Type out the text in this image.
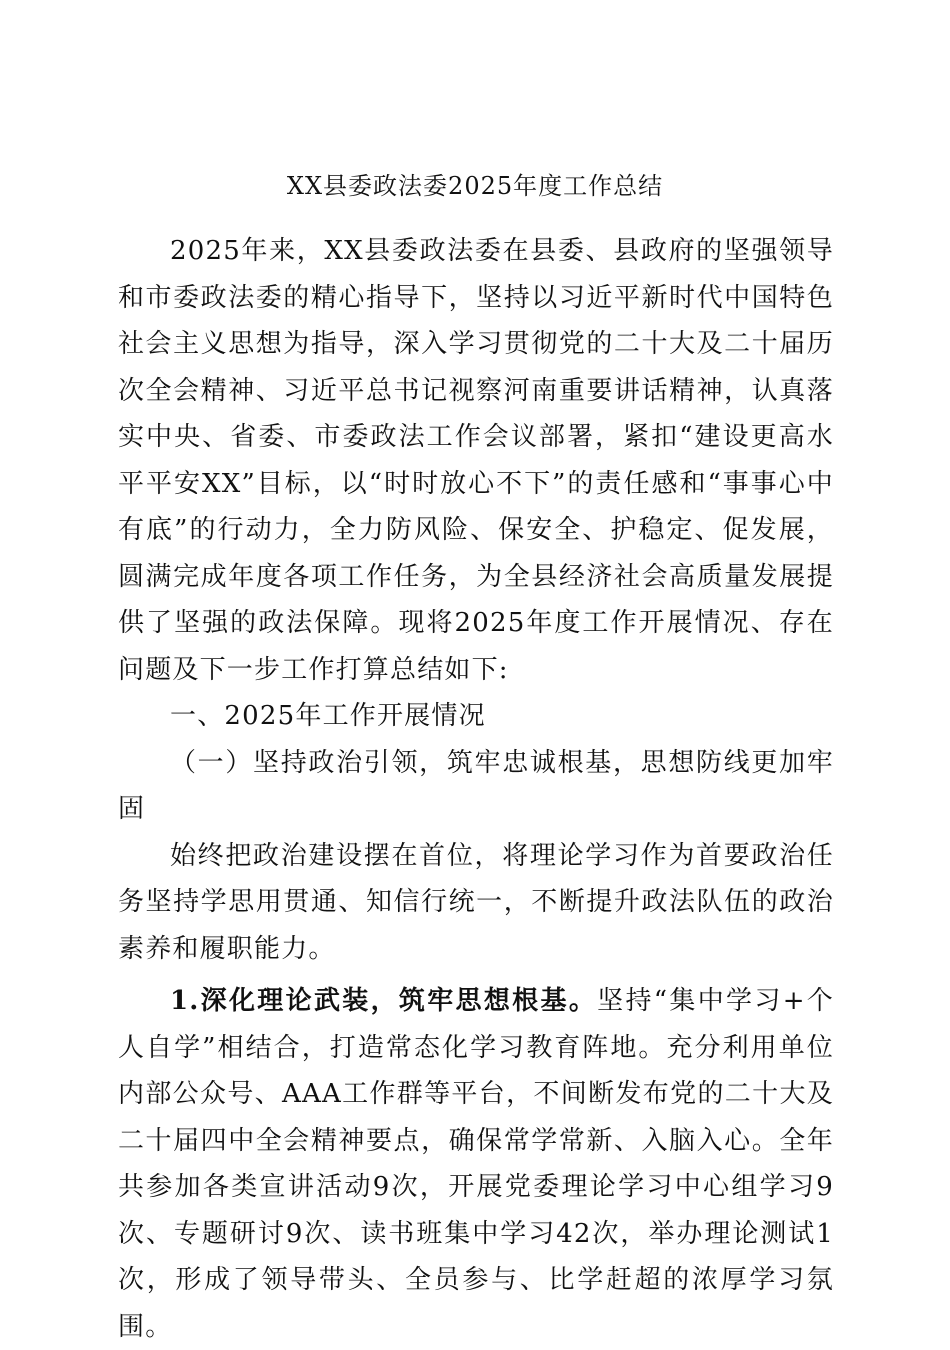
XX县委政法委2025年度工作总结

2025年来，XX县委政法委在县委、县政府的坚强领导和市委政法委的精心指导下，坚持以习近平新时代中国特色社会主义思想为指导，深入学习贯彻党的二十大及二十届历次全会精神、习近平总书记视察河南重要讲话精神，认真落实中央、省委、市委政法工作会议部署，紧扣“建设更高水平平安XX”目标，以“时时放心不下”的责任感和“事事心中有底”的行动力，全力防风险、保安全、护稳定、促发展，圆满完成年度各项工作任务，为全县经济社会高质量发展提供了坚强的政法保障。现将2025年度工作开展情况、存在问题及下一步工作打算总结如下:

一、2025年工作开展情况

（一）坚持政治引领，筑牢忠诚根基，思想防线更加牢固

始终把政治建设摆在首位，将理论学习作为首要政治任务坚持学思用贯通、知信行统一，不断提升政法队伍的政治素养和履职能力。

1.深化理论武装，筑牢思想根基。坚持“集中学习+个人自学”相结合，打造常态化学习教育阵地。充分利用单位内部公众号、AAA工作群等平台，不间断发布党的二十大及二十届四中全会精神要点，确保常学常新、入脑入心。全年共参加各类宣讲活动9次，开展党委理论学习中心组学习9次、专题研讨9次、读书班集中学习42次，举办理论测试1次，形成了领导带头、全员参与、比学赶超的浓厚学习氛围。
